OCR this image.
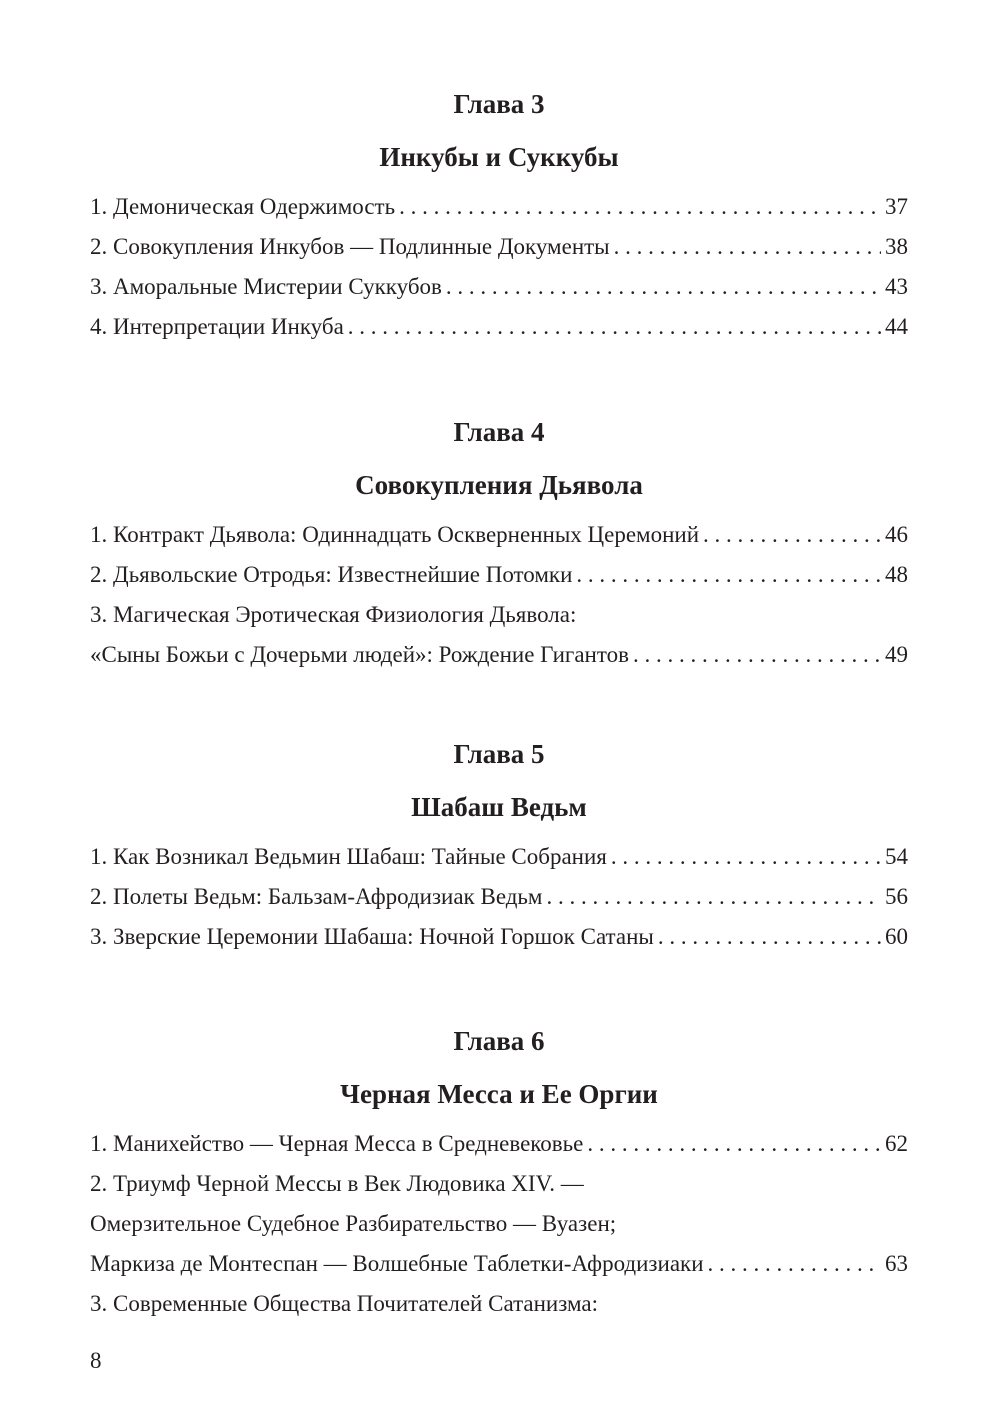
Глава 3
Инкубы и Суккубы
1. Демоническая Одержимость . . .	37
2. Совокупления Инкубов — Подлинные Документы . . .	38
3. Аморальные Мистерии Суккубов . . .	43
4. Интерпретации Инкуба . . .	44
Глава 4
Совокупления Дьявола
1. Контракт Дьявола: Одиннадцать Оскверненных Церемоний . . .	46
2. Дьявольские Отродья: Известнейшие Потомки . . .	48
3. Магическая Эротическая Физиология Дьявола:
«Сыны Божьи с Дочерьми людей»: Рождение Гигантов . . .	49
Глава 5
Шабаш Ведьм
1. Как Возникал Ведьмин Шабаш: Тайные Собрания . . .	54
2. Полеты Ведьм: Бальзам-Афродизиак Ведьм . . .	56
3. Зверские Церемонии Шабаша: Ночной Горшок Сатаны . . .	60
Глава 6
Черная Месса и Ее Оргии
1. Манихейство — Черная Месса в Средневековье . . .	62
2. Триумф Черной Мессы в Век Людовика XIV. —
Омерзительное Судебное Разбирательство — Вуазен;
Маркиза де Монтеспан — Волшебные Таблетки-Афродизиаки . . .	63
3. Современные Общества Почитателей Сатанизма:
8
